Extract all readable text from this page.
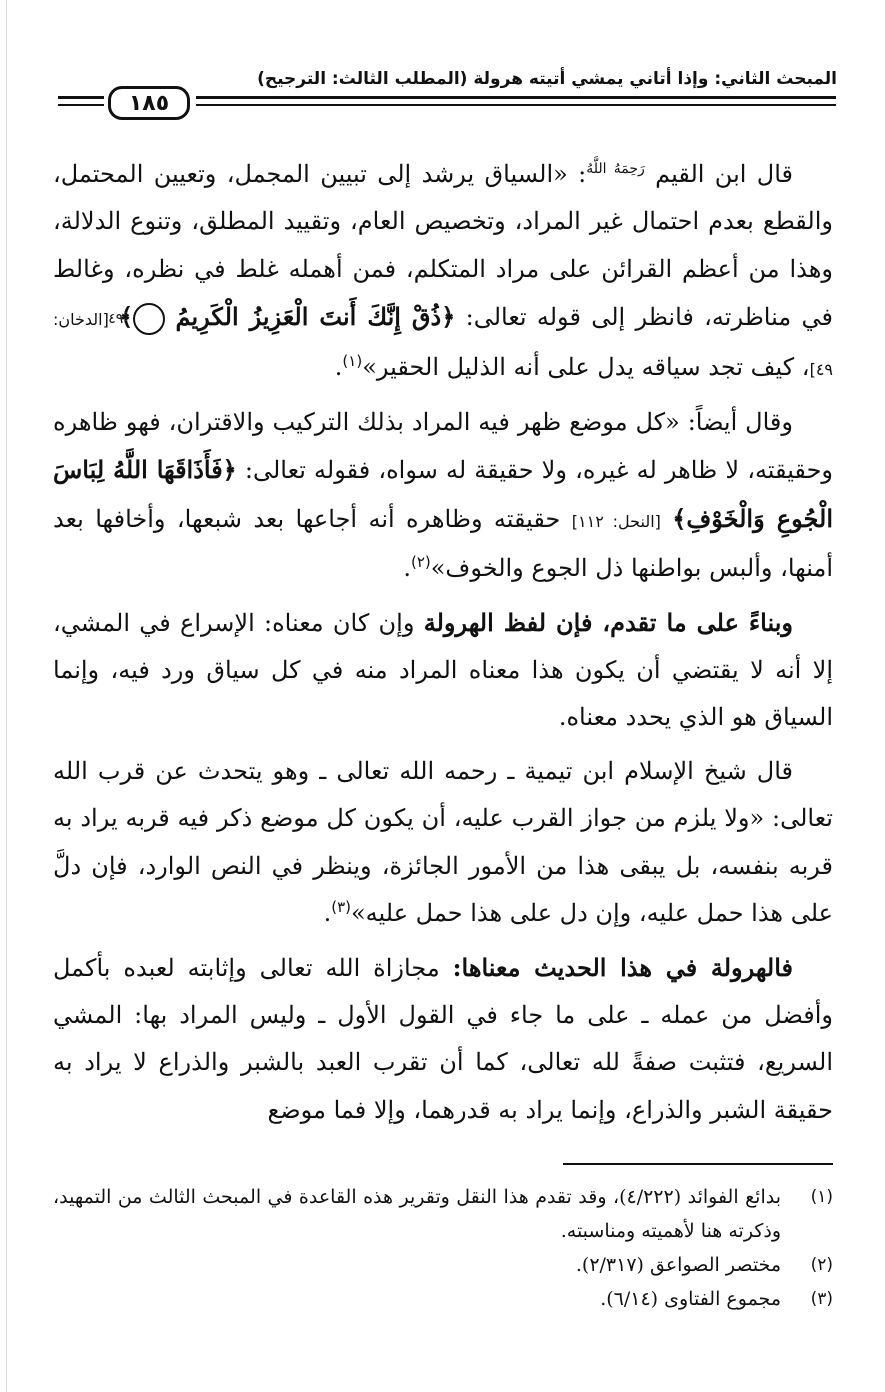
المبحث الثاني: وإذا أتاني يمشي أتيته هرولة (المطلب الثالث: الترجيح)
١٨٥

قال ابن القيم $^{رَحِمَهُ اللَّهُ}$: «السياق يرشد إلى تبيين المجمل، وتعيين المحتمل، والقطع بعدم احتمال غير المراد، وتخصيص العام، وتقييد المطلق، وتنوع الدلالة، وهذا من أعظم القرائن على مراد المتكلم، فمن أهمله غلط في نظره، وغالط في مناظرته، فانظر إلى قوله تعالى: ﴿ذُقْ إِنَّكَ أَنتَ الْعَزِيزُ الْكَرِيمُ ٤٩﴾ [الدخان: ٤٩]، كيف تجد سياقه يدل على أنه الذليل الحقير»$^{(١)}$.

وقال أيضاً: «كل موضع ظهر فيه المراد بذلك التركيب والاقتران، فهو ظاهره وحقيقته، لا ظاهر له غيره، ولا حقيقة له سواه، فقوله تعالى: ﴿فَأَذَاقَهَا اللَّهُ لِبَاسَ الْجُوعِ وَالْخَوْفِ﴾ [النحل: ١١٢] حقيقته وظاهره أنه أجاعها بعد شبعها، وأخافها بعد أمنها، وألبس بواطنها ذل الجوع والخوف»$^{(٢)}$.

وبناءً على ما تقدم، فإن لفظ الهرولة وإن كان معناه: الإسراع في المشي، إلا أنه لا يقتضي أن يكون هذا معناه المراد منه في كل سياق ورد فيه، وإنما السياق هو الذي يحدد معناه.

قال شيخ الإسلام ابن تيمية ـ رحمه الله تعالى ـ وهو يتحدث عن قرب الله تعالى: «ولا يلزم من جواز القرب عليه، أن يكون كل موضع ذكر فيه قربه يراد به قربه بنفسه، بل يبقى هذا من الأمور الجائزة، وينظر في النص الوارد، فإن دلَّ على هذا حمل عليه، وإن دل على هذا حمل عليه»$^{(٣)}$.

فالهرولة في هذا الحديث معناها: مجازاة الله تعالى وإثابته لعبده بأكمل وأفضل من عمله ـ على ما جاء في القول الأول ـ وليس المراد بها: المشي السريع، فتثبت صفةً لله تعالى، كما أن تقرب العبد بالشبر والذراع لا يراد به حقيقة الشبر والذراع، وإنما يراد به قدرهما، وإلا فما موضع

(١)
بدائع الفوائد (٤/٢٢٢)، وقد تقدم هذا النقل وتقرير هذه القاعدة في المبحث الثالث من التمهيد، وذكرته هنا لأهميته ومناسبته.
(٢)
مختصر الصواعق (٢/٣١٧).
(٣)
مجموع الفتاوى (٦/١٤).
